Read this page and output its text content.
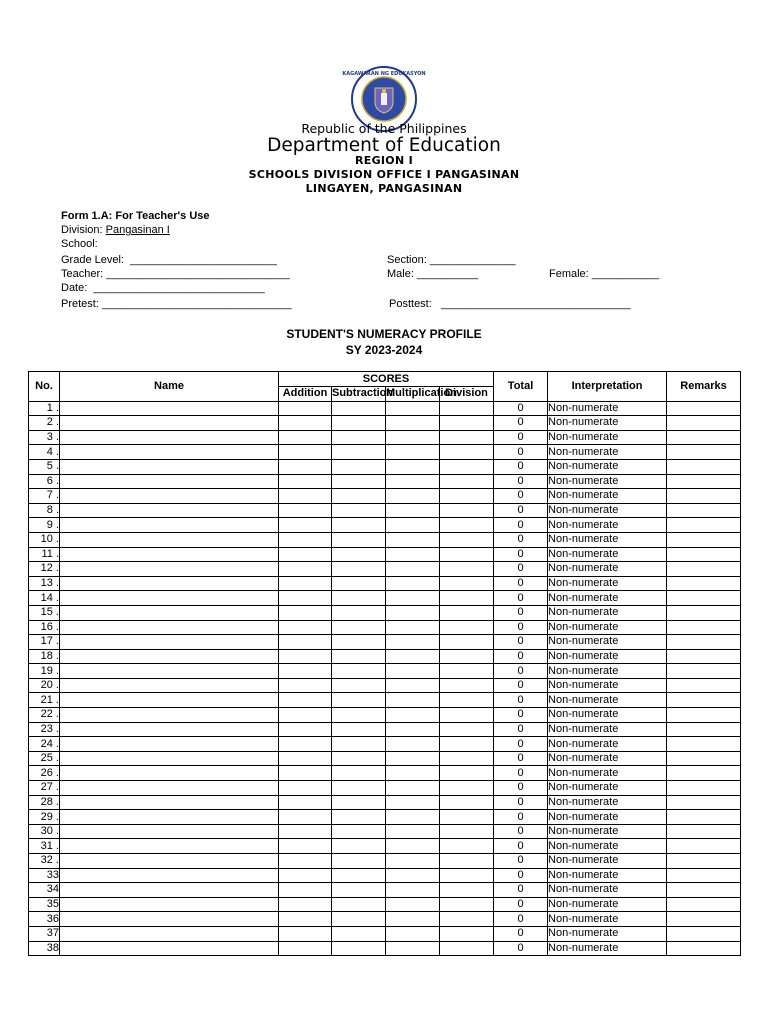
KAGAWARAN NG EDUKASYON
Republic of the Philippines
Department of Education
REGION I
SCHOOLS DIVISION OFFICE I PANGASINAN
LINGAYEN, PANGASINAN
Form 1.A: For Teacher's Use
Division: Pangasinan I
School:
Grade Level:  ________________________	Section: ______________
Teacher: ______________________________	Male: __________	Female: ___________
Date:  ____________________________
Pretest: _______________________________	Posttest:   _______________________________
STUDENT'S NUMERACY PROFILE
SY 2023-2024
No.	Name	SCORES				Total	Interpretation	Remarks
		Addition	Subtraction	Multiplication	Division			
1 .						0	Non-numerate	
2 .						0	Non-numerate	
3 .						0	Non-numerate	
4 .						0	Non-numerate	
5 .						0	Non-numerate	
6 .						0	Non-numerate	
7 .						0	Non-numerate	
8 .						0	Non-numerate	
9 .						0	Non-numerate	
10 .						0	Non-numerate	
11 .						0	Non-numerate	
12 .						0	Non-numerate	
13 .						0	Non-numerate	
14 .						0	Non-numerate	
15 .						0	Non-numerate	
16 .						0	Non-numerate	
17 .						0	Non-numerate	
18 .						0	Non-numerate	
19 .						0	Non-numerate	
20 .						0	Non-numerate	
21 .						0	Non-numerate	
22 .						0	Non-numerate	
23 .						0	Non-numerate	
24 .						0	Non-numerate	
25 .						0	Non-numerate	
26 .						0	Non-numerate	
27 .						0	Non-numerate	
28 .						0	Non-numerate	
29 .						0	Non-numerate	
30 .						0	Non-numerate	
31 .						0	Non-numerate	
32 .						0	Non-numerate	
33						0	Non-numerate	
34						0	Non-numerate	
35						0	Non-numerate	
36						0	Non-numerate	
37						0	Non-numerate	
38						0	Non-numerate	
